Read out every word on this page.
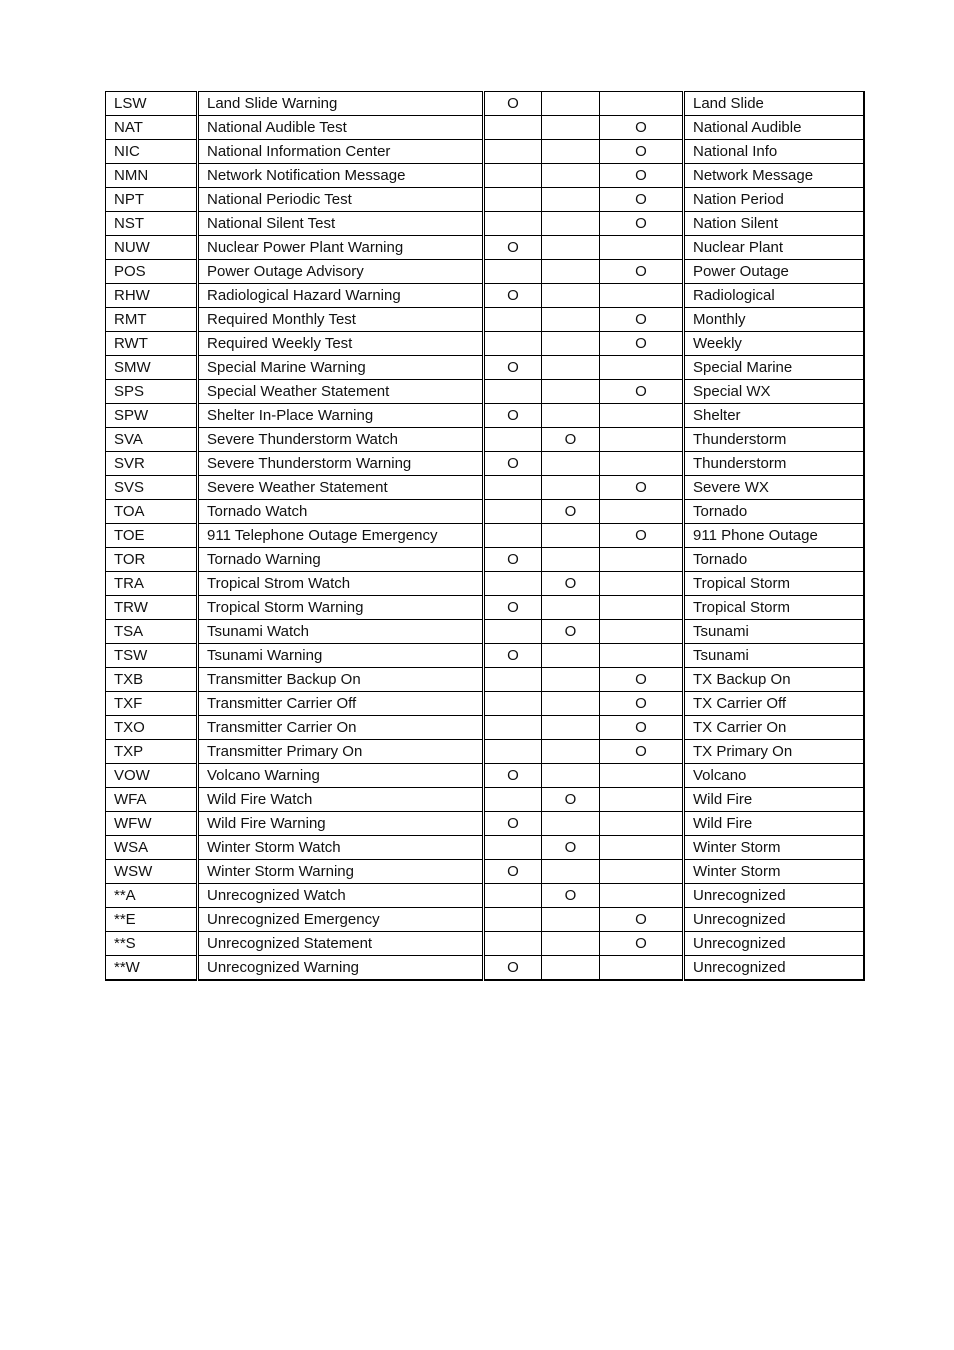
LSW	Land Slide Warning	O			Land Slide
NAT	National Audible Test			O	National Audible
NIC	National Information Center			O	National Info
NMN	Network Notification Message			O	Network Message
NPT	National Periodic Test			O	Nation Period
NST	National Silent Test			O	Nation Silent
NUW	Nuclear Power Plant Warning	O			Nuclear Plant
POS	Power Outage Advisory			O	Power Outage
RHW	Radiological Hazard Warning	O			Radiological
RMT	Required Monthly Test			O	Monthly
RWT	Required Weekly Test			O	Weekly
SMW	Special Marine Warning	O			Special Marine
SPS	Special Weather Statement			O	Special WX
SPW	Shelter In-Place Warning	O			Shelter
SVA	Severe Thunderstorm Watch		O		Thunderstorm
SVR	Severe Thunderstorm Warning	O			Thunderstorm
SVS	Severe Weather Statement			O	Severe WX
TOA	Tornado Watch		O		Tornado
TOE	911 Telephone Outage Emergency			O	911 Phone Outage
TOR	Tornado Warning	O			Tornado
TRA	Tropical Strom Watch		O		Tropical Storm
TRW	Tropical Storm Warning	O			Tropical Storm
TSA	Tsunami Watch		O		Tsunami
TSW	Tsunami Warning	O			Tsunami
TXB	Transmitter Backup On			O	TX Backup On
TXF	Transmitter Carrier Off			O	TX Carrier Off
TXO	Transmitter Carrier On			O	TX Carrier On
TXP	Transmitter Primary On			O	TX Primary On
VOW	Volcano Warning	O			Volcano
WFA	Wild Fire Watch		O		Wild Fire
WFW	Wild Fire Warning	O			Wild Fire
WSA	Winter Storm Watch		O		Winter Storm
WSW	Winter Storm Warning	O			Winter Storm
**A	Unrecognized Watch		O		Unrecognized
**E	Unrecognized Emergency			O	Unrecognized
**S	Unrecognized Statement			O	Unrecognized
**W	Unrecognized Warning	O			Unrecognized
